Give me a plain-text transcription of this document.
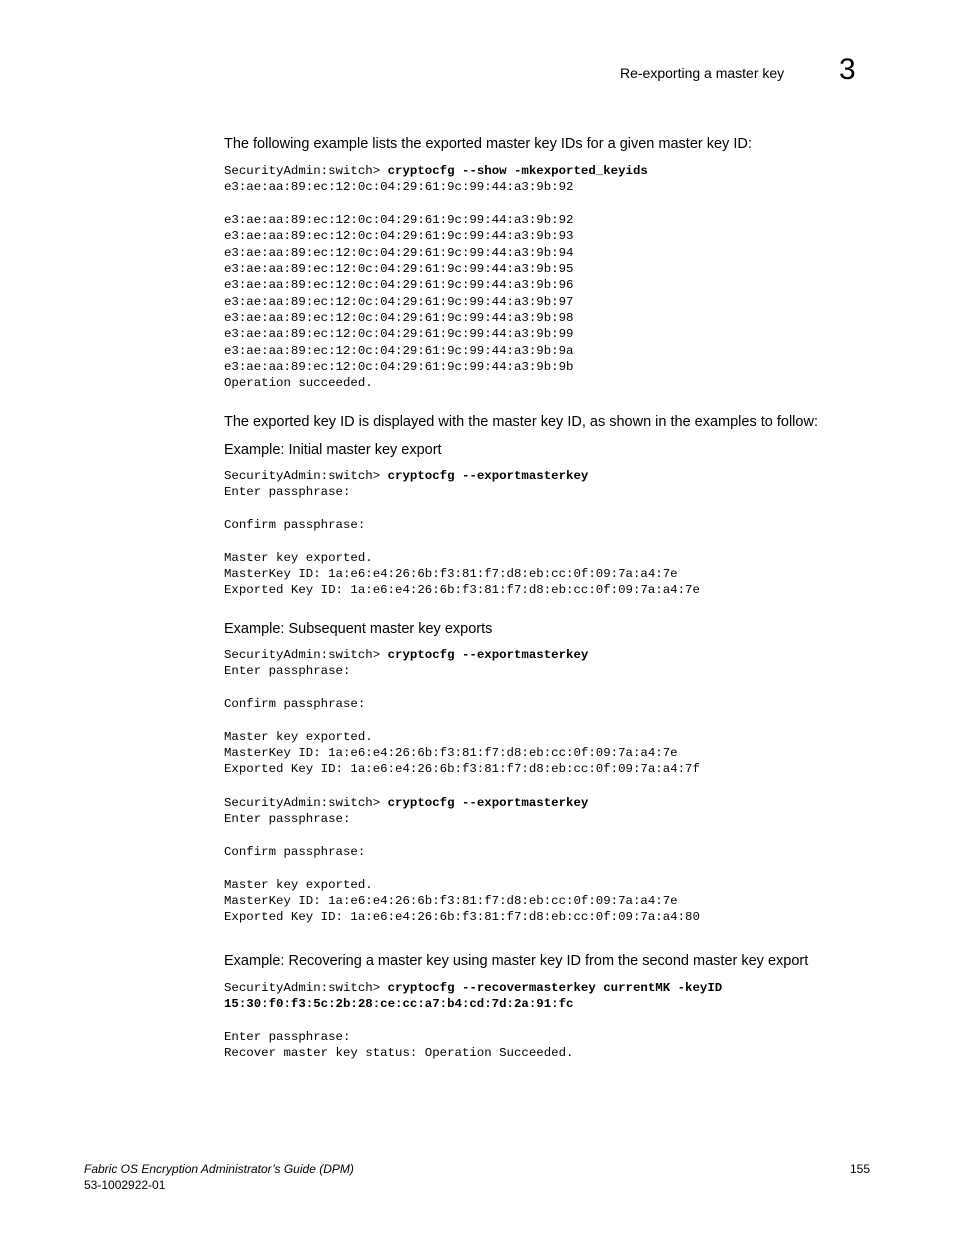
Re-exporting a master key 3
The following example lists the exported master key IDs for a given master key ID:
SecurityAdmin:switch> cryptocfg --show -mkexported_keyids
e3:ae:aa:89:ec:12:0c:04:29:61:9c:99:44:a3:9b:92
e3:ae:aa:89:ec:12:0c:04:29:61:9c:99:44:a3:9b:92
e3:ae:aa:89:ec:12:0c:04:29:61:9c:99:44:a3:9b:93
e3:ae:aa:89:ec:12:0c:04:29:61:9c:99:44:a3:9b:94
e3:ae:aa:89:ec:12:0c:04:29:61:9c:99:44:a3:9b:95
e3:ae:aa:89:ec:12:0c:04:29:61:9c:99:44:a3:9b:96
e3:ae:aa:89:ec:12:0c:04:29:61:9c:99:44:a3:9b:97
e3:ae:aa:89:ec:12:0c:04:29:61:9c:99:44:a3:9b:98
e3:ae:aa:89:ec:12:0c:04:29:61:9c:99:44:a3:9b:99
e3:ae:aa:89:ec:12:0c:04:29:61:9c:99:44:a3:9b:9a
e3:ae:aa:89:ec:12:0c:04:29:61:9c:99:44:a3:9b:9b
Operation succeeded.
The exported key ID is displayed with the master key ID, as shown in the examples to follow:
Example: Initial master key export
SecurityAdmin:switch> cryptocfg --exportmasterkey
Enter passphrase:
Confirm passphrase:
Master key exported.
MasterKey ID: 1a:e6:e4:26:6b:f3:81:f7:d8:eb:cc:0f:09:7a:a4:7e
Exported Key ID: 1a:e6:e4:26:6b:f3:81:f7:d8:eb:cc:0f:09:7a:a4:7e
Example: Subsequent master key exports
SecurityAdmin:switch> cryptocfg --exportmasterkey
Enter passphrase:
Confirm passphrase:
Master key exported.
MasterKey ID: 1a:e6:e4:26:6b:f3:81:f7:d8:eb:cc:0f:09:7a:a4:7e
Exported Key ID: 1a:e6:e4:26:6b:f3:81:f7:d8:eb:cc:0f:09:7a:a4:7f
SecurityAdmin:switch> cryptocfg --exportmasterkey
Enter passphrase:
Confirm passphrase:
Master key exported.
MasterKey ID: 1a:e6:e4:26:6b:f3:81:f7:d8:eb:cc:0f:09:7a:a4:7e
Exported Key ID: 1a:e6:e4:26:6b:f3:81:f7:d8:eb:cc:0f:09:7a:a4:80
Example: Recovering a master key using master key ID from the second master key export
SecurityAdmin:switch> cryptocfg --recovermasterkey currentMK -keyID
15:30:f0:f3:5c:2b:28:ce:cc:a7:b4:cd:7d:2a:91:fc
Enter passphrase:
Recover master key status: Operation Succeeded.
Fabric OS Encryption Administrator’s Guide (DPM)
53-1002922-01
155
